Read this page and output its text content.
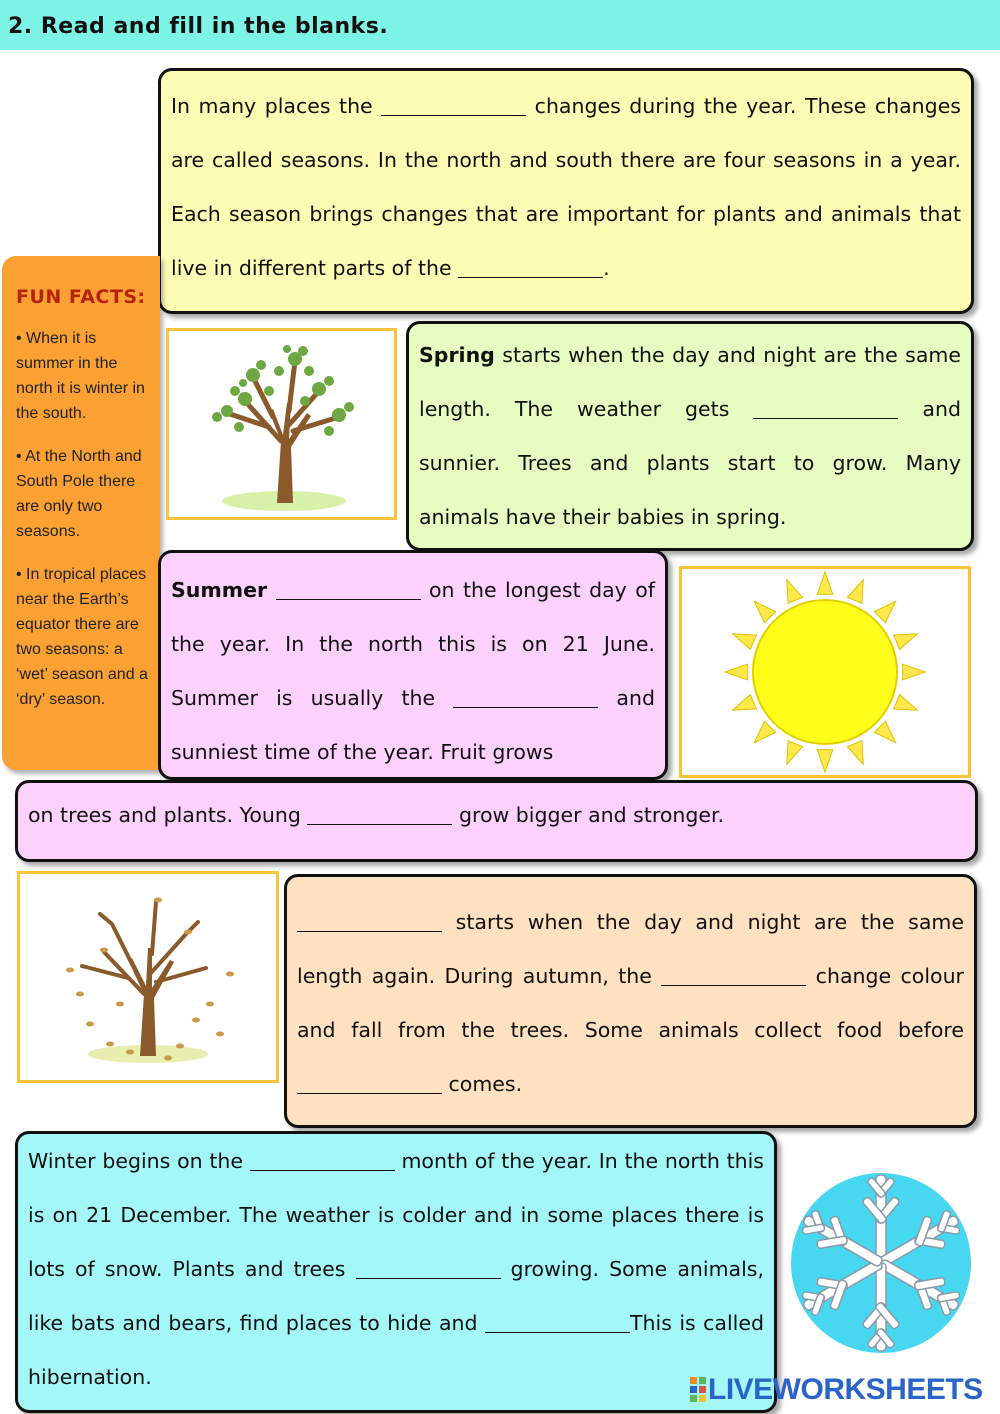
2. Read and fill in the blanks.

In many places the	changes during the year. These changes are called seasons. In the north and south there are four seasons in a year. Each season brings changes that are important for plants and animals that live in different parts of the	.

FUN FACTS:
• When it is summer in the north it is winter in the south.
• At the North and South Pole there are only two seasons.
• In tropical places near the Earth’s equator there are two seasons: a ‘wet’ season and a ‘dry’ season.

Spring starts when the day and night are the same length. The weather gets	and sunnier. Trees and plants start to grow. Many animals have their babies in spring.

Summer	on the longest day of the year. In the north this is on 21 June. Summer is usually the	and sunniest time of the year. Fruit grows

on trees and plants. Young	grow bigger and stronger.

starts when the day and night are the same length again. During autumn, the	change colour and fall from the trees. Some animals collect food before  comes.

Winter begins on the	month of the year. In the north this is on 21 December. The weather is colder and in some places there is lots of snow. Plants and trees	growing. Some animals, like bats and bears, find places to hide and	This is called hibernation.	LIVEWORKSHEETS
